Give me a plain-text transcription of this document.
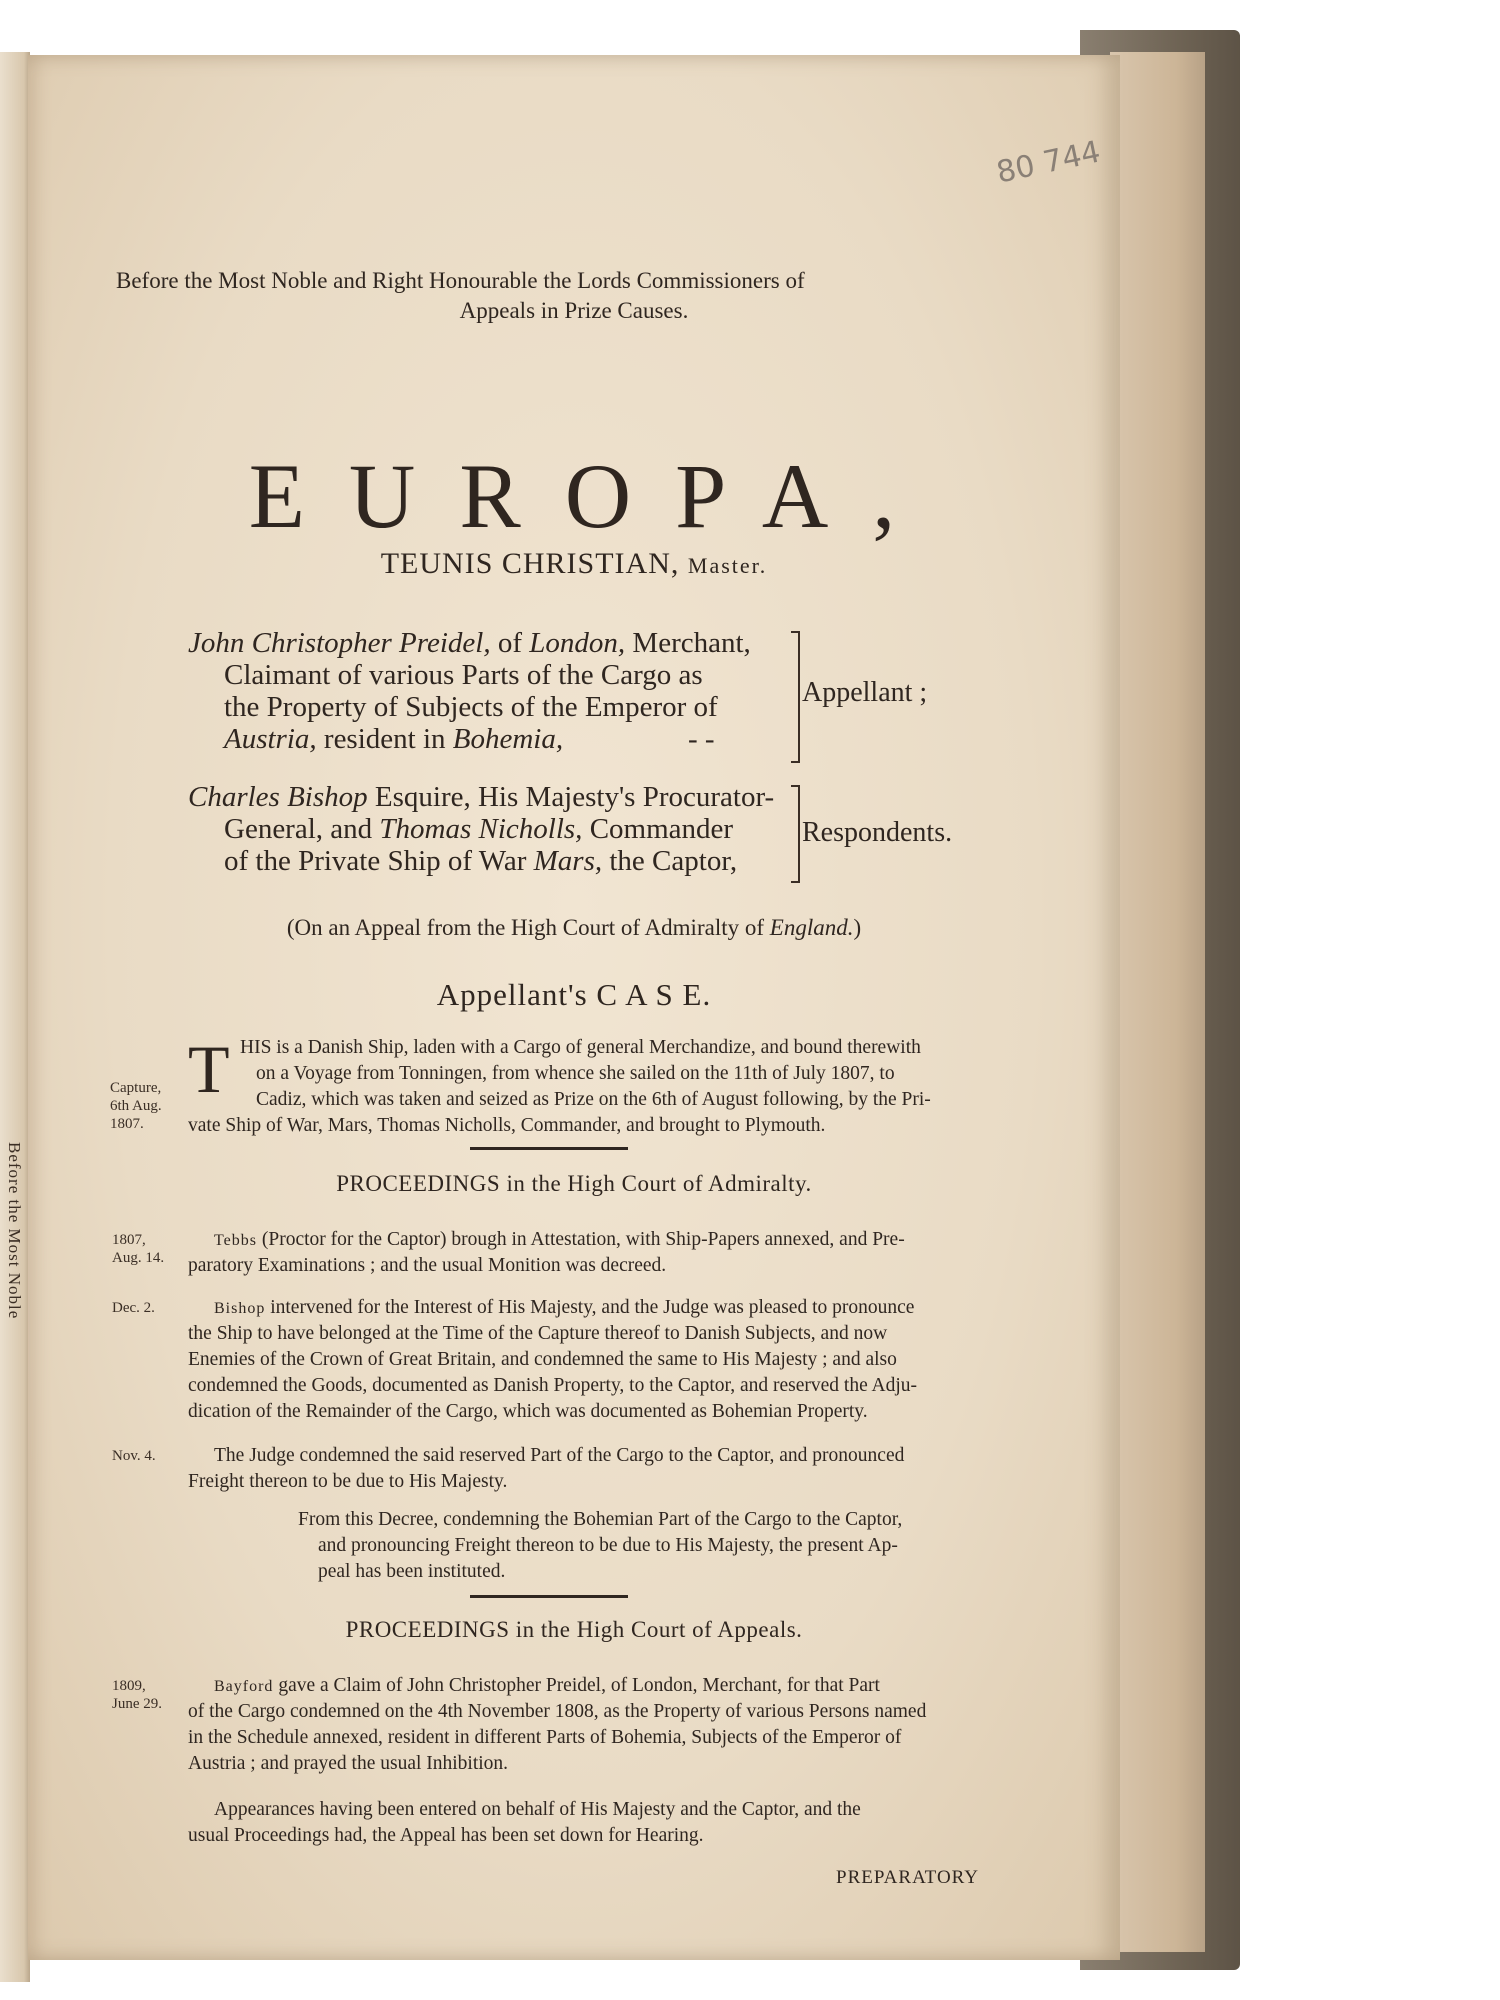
Before the Most Noble
80 744
Before the Most Noble and Right Honourable the Lords Commissioners of
Appeals in Prize Causes.
EUROPA,
TEUNIS CHRISTIAN, Master.
John Christopher Preidel, of London, Merchant,
Claimant of various Parts of the Cargo as
the Property of Subjects of the Emperor of
Austria, resident in Bohemia,	- -
Appellant ;
Charles Bishop Esquire, His Majesty's Procurator-
General, and Thomas Nicholls, Commander
of the Private Ship of War Mars, the Captor,
Respondents.
(On an Appeal from the High Court of Admiralty of England.)
Appellant's C A S E.
T HIS is a Danish Ship, laden with a Cargo of general Merchandize, and bound therewith
on a Voyage from Tonningen, from whence she sailed on the 11th of July 1807, to
Cadiz, which was taken and seized as Prize on the 6th of August following, by the Pri-
vate Ship of War, Mars, Thomas Nicholls, Commander, and brought to Plymouth.
Capture,
6th Aug.
1807.
PROCEEDINGS in the High Court of Admiralty.
1807,
Aug. 14.
Tebbs (Proctor for the Captor) brough in Attestation, with Ship-Papers annexed, and Pre-
paratory Examinations ; and the usual Monition was decreed.
Dec. 2.	Bishop intervened for the Interest of His Majesty, and the Judge was pleased to pronounce
the Ship to have belonged at the Time of the Capture thereof to Danish Subjects, and now
Enemies of the Crown of Great Britain, and condemned the same to His Majesty ; and also
condemned the Goods, documented as Danish Property, to the Captor, and reserved the Adju-
dication of the Remainder of the Cargo, which was documented as Bohemian Property.
Nov. 4.	The Judge condemned the said reserved Part of the Cargo to the Captor, and pronounced
Freight thereon to be due to His Majesty.
From this Decree, condemning the Bohemian Part of the Cargo to the Captor,
and pronouncing Freight thereon to be due to His Majesty, the present Ap-
peal has been instituted.
PROCEEDINGS in the High Court of Appeals.
1809,
June 29.
Bayford gave a Claim of John Christopher Preidel, of London, Merchant, for that Part
of the Cargo condemned on the 4th November 1808, as the Property of various Persons named
in the Schedule annexed, resident in different Parts of Bohemia, Subjects of the Emperor of
Austria ; and prayed the usual Inhibition.
Appearances having been entered on behalf of His Majesty and the Captor, and the
usual Proceedings had, the Appeal has been set down for Hearing.
PREPARATORY
